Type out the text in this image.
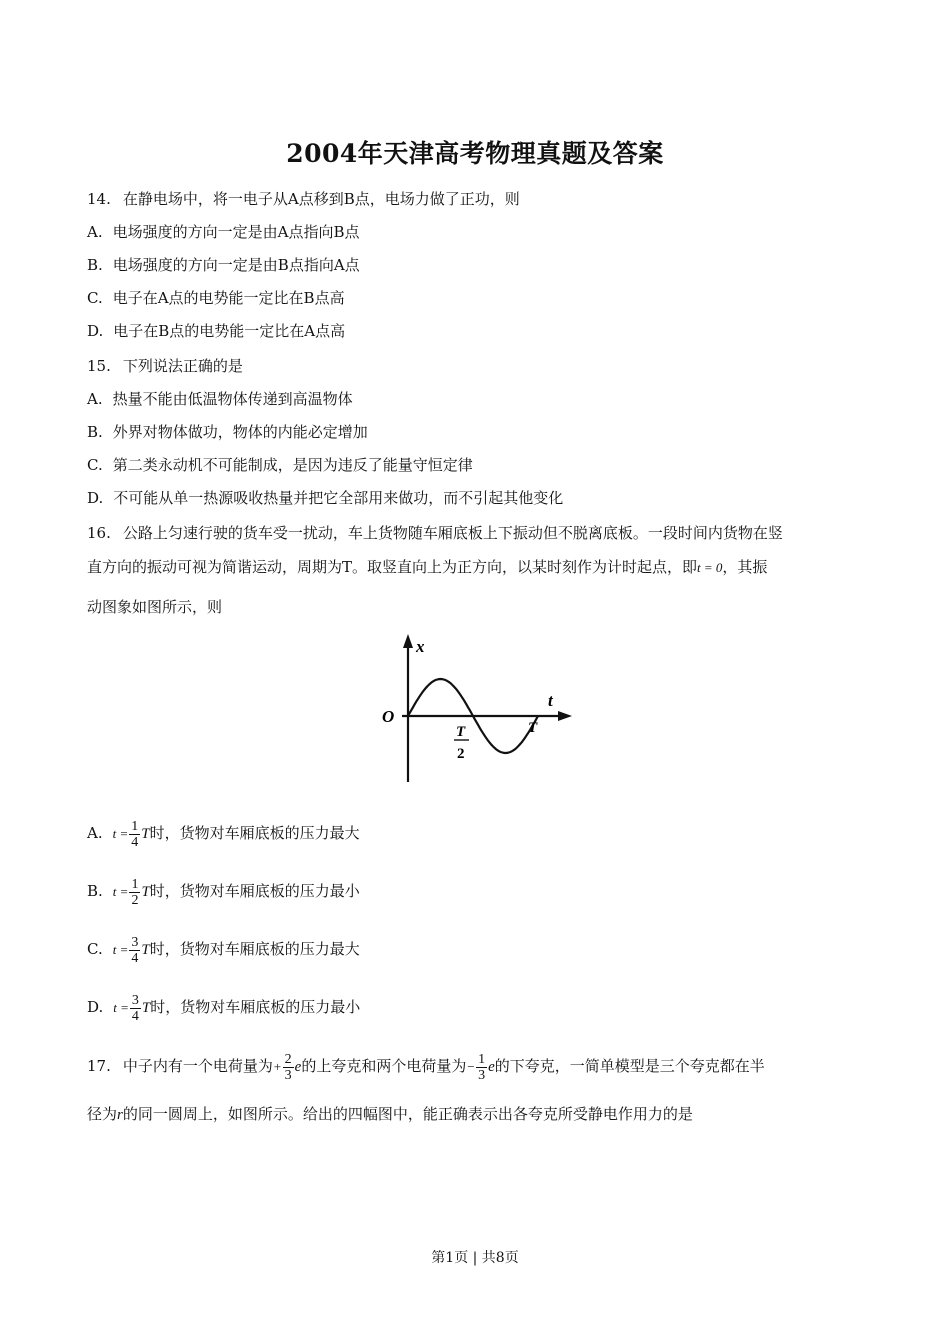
2004年天津高考物理真题及答案
14. 在静电场中，将一电子从A点移到B点，电场力做了正功，则
A. 电场强度的方向一定是由A点指向B点
B. 电场强度的方向一定是由B点指向A点
C. 电子在A点的电势能一定比在B点高
D. 电子在B点的电势能一定比在A点高
15. 下列说法正确的是
A. 热量不能由低温物体传递到高温物体
B. 外界对物体做功，物体的内能必定增加
C. 第二类永动机不可能制成，是因为违反了能量守恒定律
D. 不可能从单一热源吸收热量并把它全部用来做功，而不引起其他变化
16. 公路上匀速行驶的货车受一扰动，车上货物随车厢底板上下振动但不脱离底板。一段时间内货物在竖
直方向的振动可视为简谐运动，周期为T。取竖直向上为正方向，以某时刻作为计时起点，即t = 0，其振
动图象如图所示，则
x
t
O
T
2
T
A. $t = \frac{1}{4}$ T时，货物对车厢底板的压力最大
B. $t = \frac{1}{2}$ T时，货物对车厢底板的压力最小
C. $t = \frac{3}{4}$ T时，货物对车厢底板的压力最大
D. $t = \frac{3}{4}$ T时，货物对车厢底板的压力最小
17. 中子内有一个电荷量为+ $\frac{2}{3}$ e的上夸克和两个电荷量为− $\frac{1}{3}$ e的下夸克，一简单模型是三个夸克都在半
径为r的同一圆周上，如图所示。给出的四幅图中，能正确表示出各夸克所受静电作用力的是
第1页 | 共8页
